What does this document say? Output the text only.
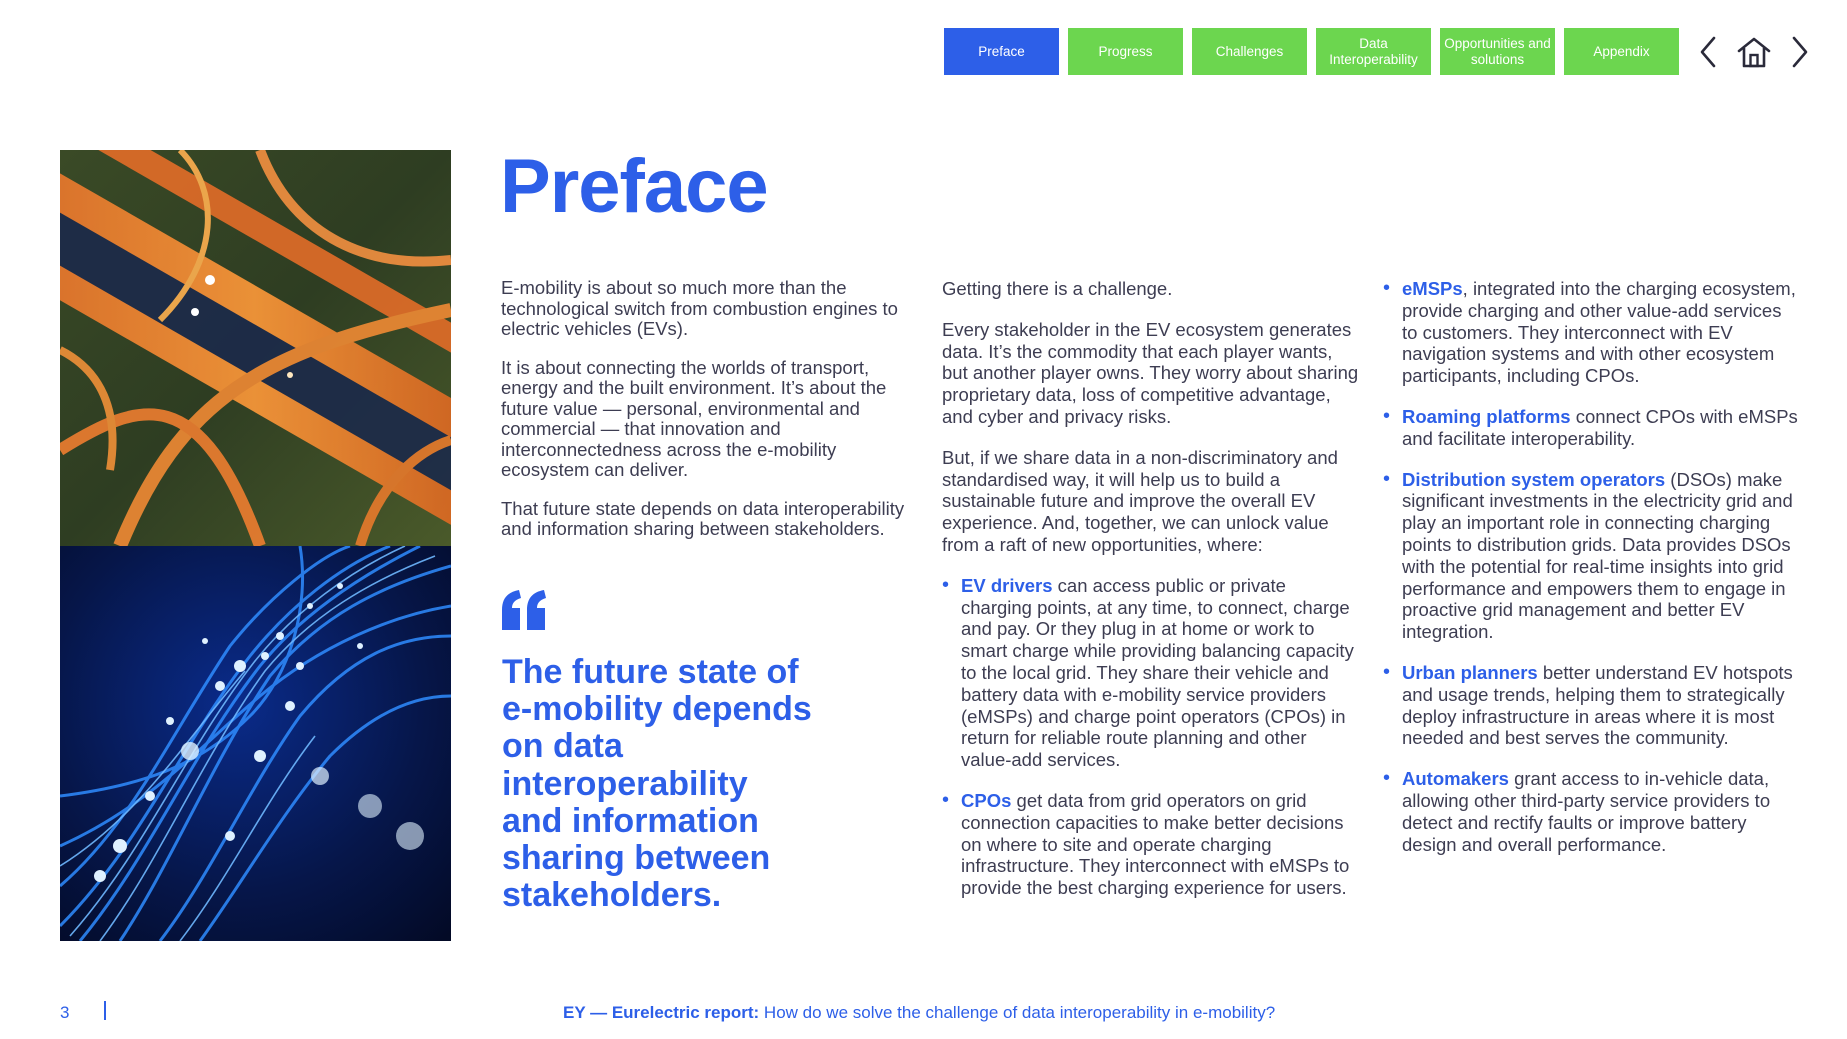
Preface	Progress	Challenges
Data Interoperability
Opportunities and solutions
Appendix
Preface

E-mobility is about so much more than the technological switch from combustion engines to electric vehicles (EVs).

It is about connecting the worlds of transport, energy and the built environment. It’s about the future value — personal, environmental and commercial — that innovation and interconnectedness across the e-mobility ecosystem can deliver.

That future state depends on data interoperability and information sharing between stakeholders.

The future state of e-mobility depends on data interoperability and information sharing between stakeholders.

Getting there is a challenge.

Every stakeholder in the EV ecosystem generates data. It’s the commodity that each player wants, but another player owns. They worry about sharing proprietary data, loss of competitive advantage, and cyber and privacy risks.

But, if we share data in a non-discriminatory and standardised way, it will help us to build a sustainable future and improve the overall EV experience. And, together, we can unlock value from a raft of new opportunities, where:

• EV drivers can access public or private charging points, at any time, to connect, charge and pay. Or they plug in at home or work to smart charge while providing balancing capacity to the local grid. They share their vehicle and battery data with e-mobility service providers (eMSPs) and charge point operators (CPOs) in return for reliable route planning and other value-add services.
• CPOs get data from grid operators on grid connection capacities to make better decisions on where to site and operate charging infrastructure. They interconnect with eMSPs to provide the best charging experience for users.
• eMSPs, integrated into the charging ecosystem, provide charging and other value-add services to customers. They interconnect with EV navigation systems and with other ecosystem participants, including CPOs.
• Roaming platforms connect CPOs with eMSPs and facilitate interoperability.
• Distribution system operators (DSOs) make significant investments in the electricity grid and play an important role in connecting charging points to distribution grids. Data provides DSOs with the potential for real-time insights into grid performance and empowers them to engage in proactive grid management and better EV integration.
• Urban planners better understand EV hotspots and usage trends, helping them to strategically deploy infrastructure in areas where it is most needed and best serves the community.
• Automakers grant access to in-vehicle data, allowing other third-party service providers to detect and rectify faults or improve battery design and overall performance.
3	EY — Eurelectric report: How do we solve the challenge of data interoperability in e-mobility?
